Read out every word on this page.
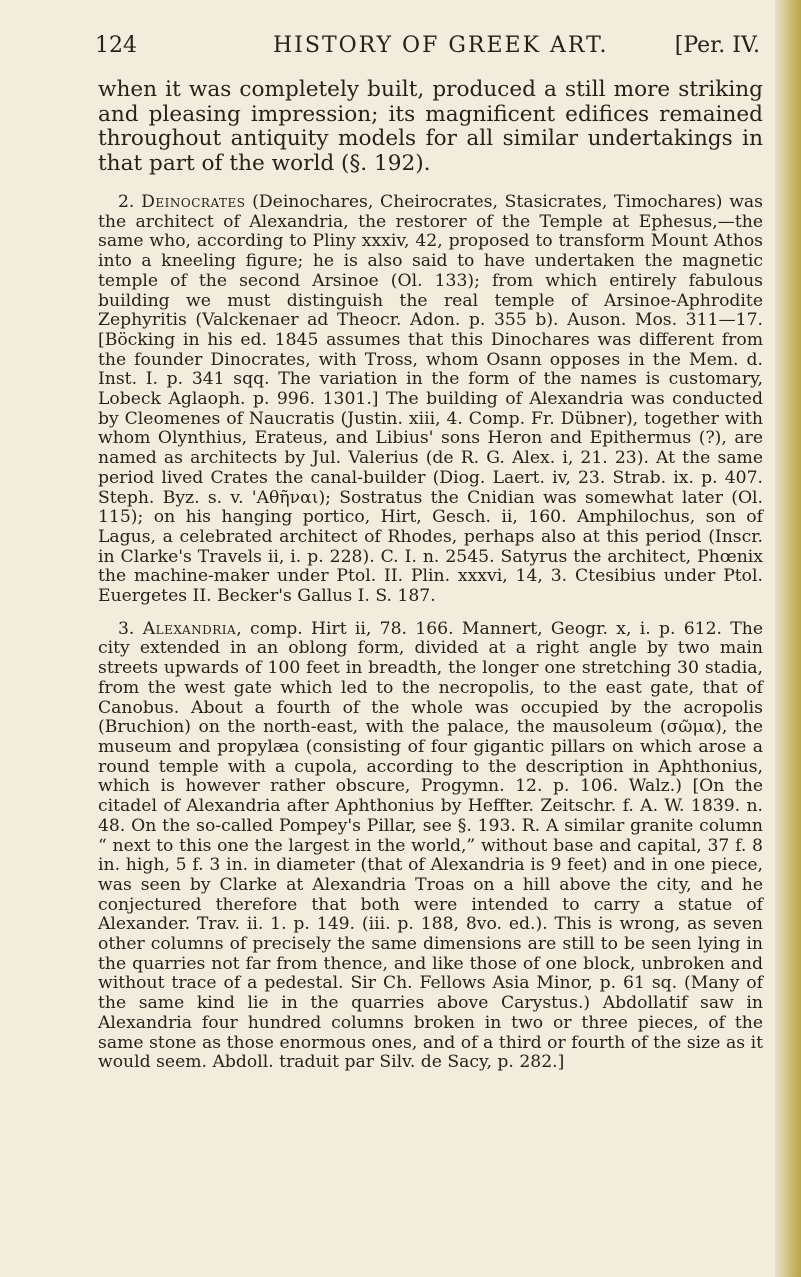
124	HISTORY OF GREEK ART.	[Per. IV.

when it was completely built, produced a still more striking and pleasing impression; its magnificent edifices remained throughout antiquity models for all similar undertakings in that part of the world (§. 192).

2. Deinocrates (Deinochares, Cheirocrates, Stasicrates, Timochares) was the architect of Alexandria, the restorer of the Temple at Ephesus,—the same who, according to Pliny xxxiv, 42, proposed to transform Mount Athos into a kneeling figure; he is also said to have undertaken the magnetic temple of the second Arsinoe (Ol. 133); from which entirely fabulous building we must distinguish the real temple of Arsinoe-Aphrodite Zephyritis (Valckenaer ad Theocr. Adon. p. 355 b). Auson. Mos. 311—17. [Böcking in his ed. 1845 assumes that this Dinochares was different from the founder Dinocrates, with Tross, whom Osann opposes in the Mem. d. Inst. I. p. 341 sqq. The variation in the form of the names is customary, Lobeck Aglaoph. p. 996. 1301.] The building of Alexandria was conducted by Cleomenes of Naucratis (Justin. xiii, 4. Comp. Fr. Dübner), together with whom Olynthius, Erateus, and Libius' sons Heron and Epithermus (?), are named as architects by Jul. Valerius (de R. G. Alex. i, 21. 23). At the same period lived Crates the canal-builder (Diog. Laert. iv, 23. Strab. ix. p. 407. Steph. Byz. s. v. 'Αθῆναι); Sostratus the Cnidian was somewhat later (Ol. 115); on his hanging portico, Hirt, Gesch. ii, 160. Amphilochus, son of Lagus, a celebrated architect of Rhodes, perhaps also at this period (Inscr. in Clarke's Travels ii, i. p. 228). C. I. n. 2545. Satyrus the architect, Phœnix the machine-maker under Ptol. II. Plin. xxxvi, 14, 3. Ctesibius under Ptol. Euergetes II. Becker's Gallus I. S. 187.

3. Alexandria, comp. Hirt ii, 78. 166. Mannert, Geogr. x, i. p. 612. The city extended in an oblong form, divided at a right angle by two main streets upwards of 100 feet in breadth, the longer one stretching 30 stadia, from the west gate which led to the necropolis, to the east gate, that of Canobus. About a fourth of the whole was occupied by the acropolis (Bruchion) on the north-east, with the palace, the mausoleum (σῶμα), the museum and propylæa (consisting of four gigantic pillars on which arose a round temple with a cupola, according to the description in Aphthonius, which is however rather obscure, Progymn. 12. p. 106. Walz.) [On the citadel of Alexandria after Aphthonius by Heffter. Zeitschr. f. A. W. 1839. n. 48. On the so-called Pompey's Pillar, see §. 193. R. A similar granite column “ next to this one the largest in the world,” without base and capital, 37 f. 8 in. high, 5 f. 3 in. in diameter (that of Alexandria is 9 feet) and in one piece, was seen by Clarke at Alexandria Troas on a hill above the city, and he conjectured therefore that both were intended to carry a statue of Alexander. Trav. ii. 1. p. 149. (iii. p. 188, 8vo. ed.). This is wrong, as seven other columns of precisely the same dimensions are still to be seen lying in the quarries not far from thence, and like those of one block, unbroken and without trace of a pedestal. Sir Ch. Fellows Asia Minor, p. 61 sq. (Many of the same kind lie in the quarries above Carystus.) Abdollatif saw in Alexandria four hundred columns broken in two or three pieces, of the same stone as those enormous ones, and of a third or fourth of the size as it would seem. Abdoll. traduit par Silv. de Sacy, p. 282.]
